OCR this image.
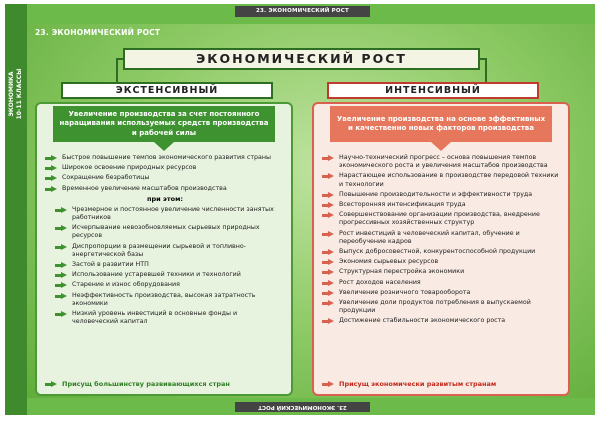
ЭКОНОМИКА 10-11 КЛАССЫ
23. ЭКОНОМИЧЕСКИЙ РОСТ
23. ЭКОНОМИЧЕСКИЙ РОСТ
ЭКОНОМИЧЕСКИЙ РОСТ
ЭКСТЕНСИВНЫЙ	ИНТЕНСИВНЫЙ
Увеличение производства за счет постоянного наращивания используемых средств производства и рабочей силы
Быстрое повышение темпов экономического развития страны
Широкое освоение природных ресурсов
Сокращение безработицы
Временное увеличение масштабов производства
при этом:
Чрезмерное и постоянное увеличение численности занятых работников
Исчерпывание невозобновляемых сырьевых природных ресурсов
Диспропорции в размещении сырьевой и топливно-энергетической базы
Застой в развитии НТП
Использование устаревшей техники и технологий
Старение и износ оборудования
Неэффективность производства, высокая затратность экономики
Низкий уровень инвестиций в основные фонды и человеческий капитал
Присущ большинству развивающихся стран
Увеличение производства на основе эффективных и качественно новых факторов производства
Научно-технический прогресс – основа повышения темпов экономического роста и увеличения масштабов производства
Нарастающее использование в производстве передовой техники и технологии
Повышение производительности и эффективности труда
Всесторонняя интенсификация труда
Совершенствование организации производства, внедрение прогрессивных хозяйственных структур
Рост инвестиций в человеческий капитал, обучение и переобучение кадров
Выпуск добросовестной, конкурентоспособной продукции
Экономия сырьевых ресурсов
Структурная перестройка экономики
Рост доходов населения
Увеличение розничного товарооборота
Увеличение доли продуктов потребления в выпускаемой продукции
Достижение стабильности экономического роста
Присущ экономически развитым странам
23. ЭКОНОМИЧЕСКИЙ РОСТ
